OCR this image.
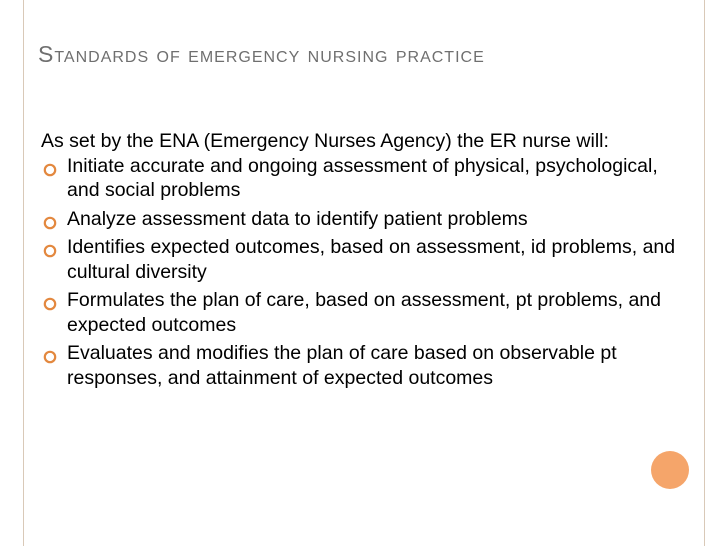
Standards of emergency nursing practice

As set by the ENA (Emergency Nurses Agency) the ER nurse will:

Initiate accurate and ongoing assessment of physical, psychological, and social problems
Analyze assessment data to identify patient problems
Identifies expected outcomes, based on assessment, id problems, and cultural diversity
Formulates the plan of care, based on assessment, pt problems, and expected outcomes
Evaluates and modifies the plan of care based on observable pt responses, and attainment of expected outcomes
